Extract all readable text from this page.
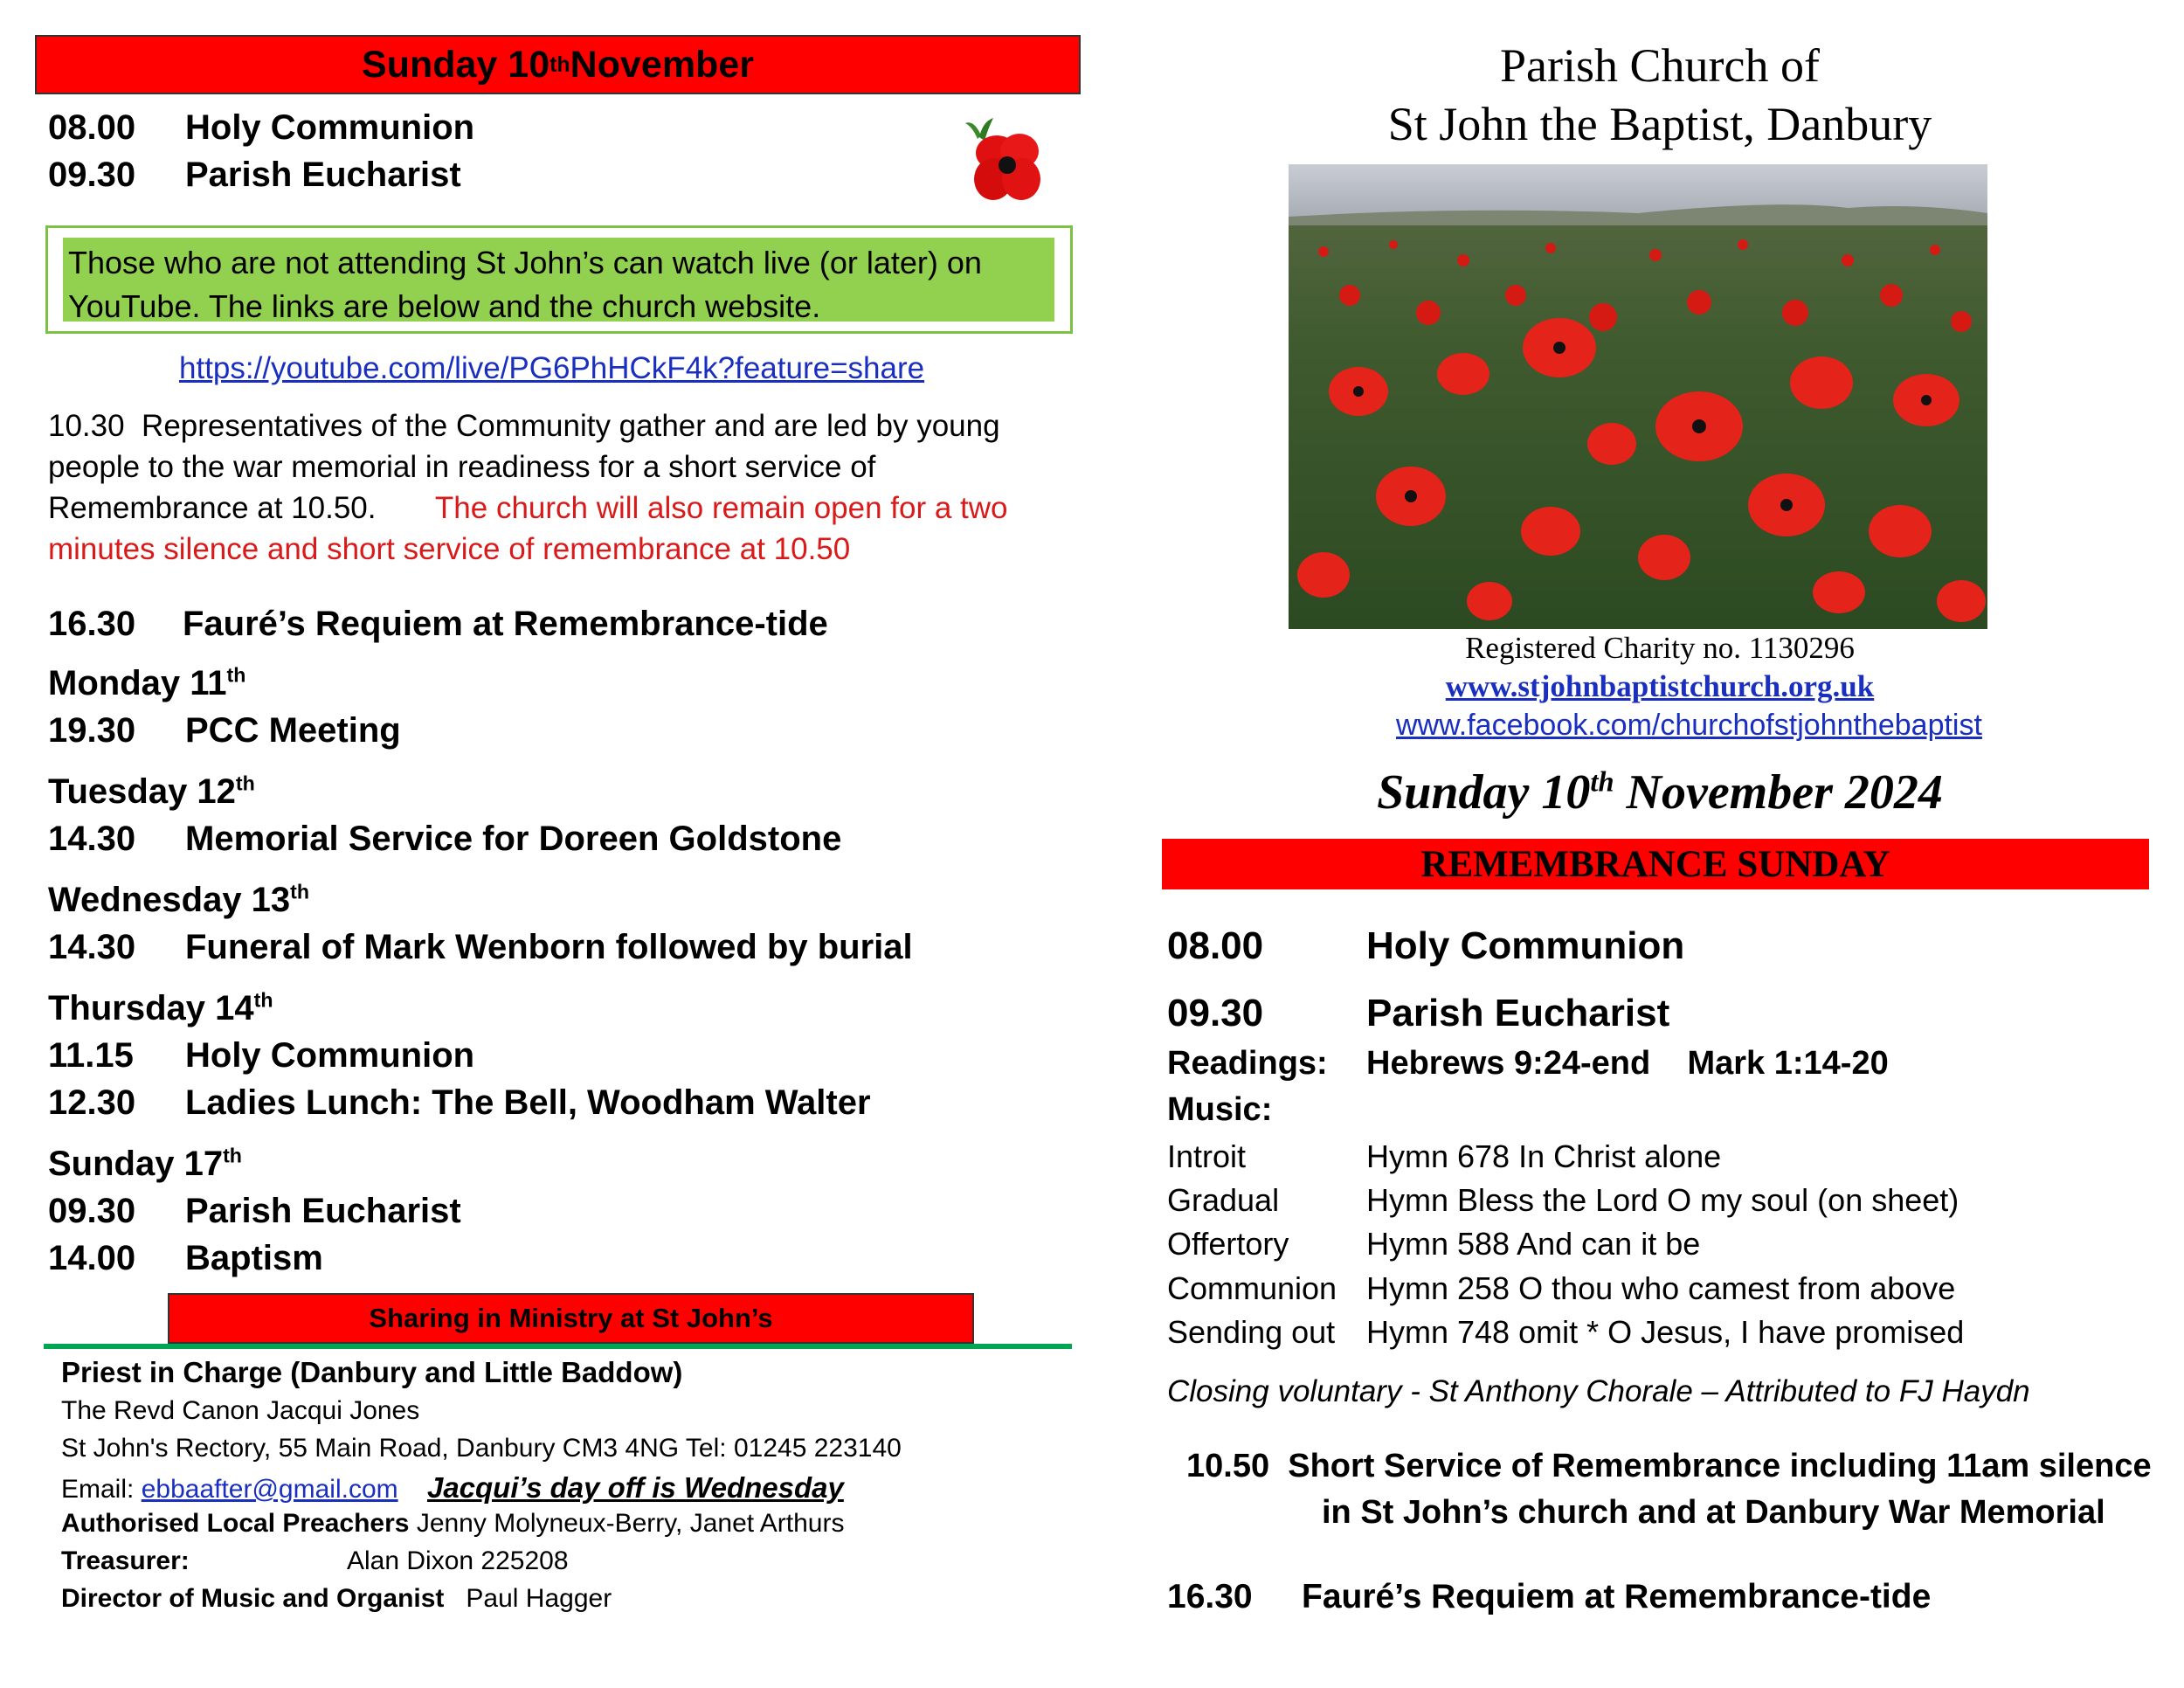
Sunday 10 th November
08.00 Holy Communion
09.30 Parish Eucharist
Those who are not attending St John’s can watch live (or later) on YouTube. The links are below and the church website.
https://youtube.com/live/PG6PhHCkF4k?feature=share
10.30 Representatives of the Community gather and are led by young people to the war memorial in readiness for a short service of Remembrance at 10.50. The church will also remain open for a two minutes silence and short service of remembrance at 10.50
16.30 Fauré’s Requiem at Remembrance-tide
Monday 11th
19.30 PCC Meeting
Tuesday 12th
14.30 Memorial Service for Doreen Goldstone
Wednesday 13th
14.30 Funeral of Mark Wenborn followed by burial
Thursday 14th
11.15 Holy Communion
12.30 Ladies Lunch: The Bell, Woodham Walter
Sunday 17th
09.30 Parish Eucharist
14.00 Baptism
Sharing in Ministry at St John’s
Priest in Charge (Danbury and Little Baddow)
The Revd Canon Jacqui Jones
St John's Rectory, 55 Main Road, Danbury CM3 4NG Tel: 01245 223140
Email: ebbaafter@gmail.com Jacqui’s day off is Wednesday
Authorised Local Preachers Jenny Molyneux-Berry, Janet Arthurs
Treasurer:	Alan Dixon 225208
Director of Music and Organist Paul Hagger
Parish Church of
St John the Baptist, Danbury
Registered Charity no. 1130296
www.stjohnbaptistchurch.org.uk
www.facebook.com/churchofstjohnthebaptist
Sunday 10th November 2024
REMEMBRANCE SUNDAY
08.00	Holy Communion
09.30	Parish Eucharist
Readings: Hebrews 9:24-end Mark 1:14-20
Music:
Introit	Hymn 678 In Christ alone
Gradual	Hymn Bless the Lord O my soul (on sheet)
Offertory Hymn 588 And can it be
Communion Hymn 258 O thou who camest from above
Sending out Hymn 748 omit * O Jesus, I have promised
Closing voluntary - St Anthony Chorale – Attributed to FJ Haydn
10.50 Short Service of Remembrance including 11am silence
in St John’s church and at Danbury War Memorial
16.30 Fauré’s Requiem at Remembrance-tide
